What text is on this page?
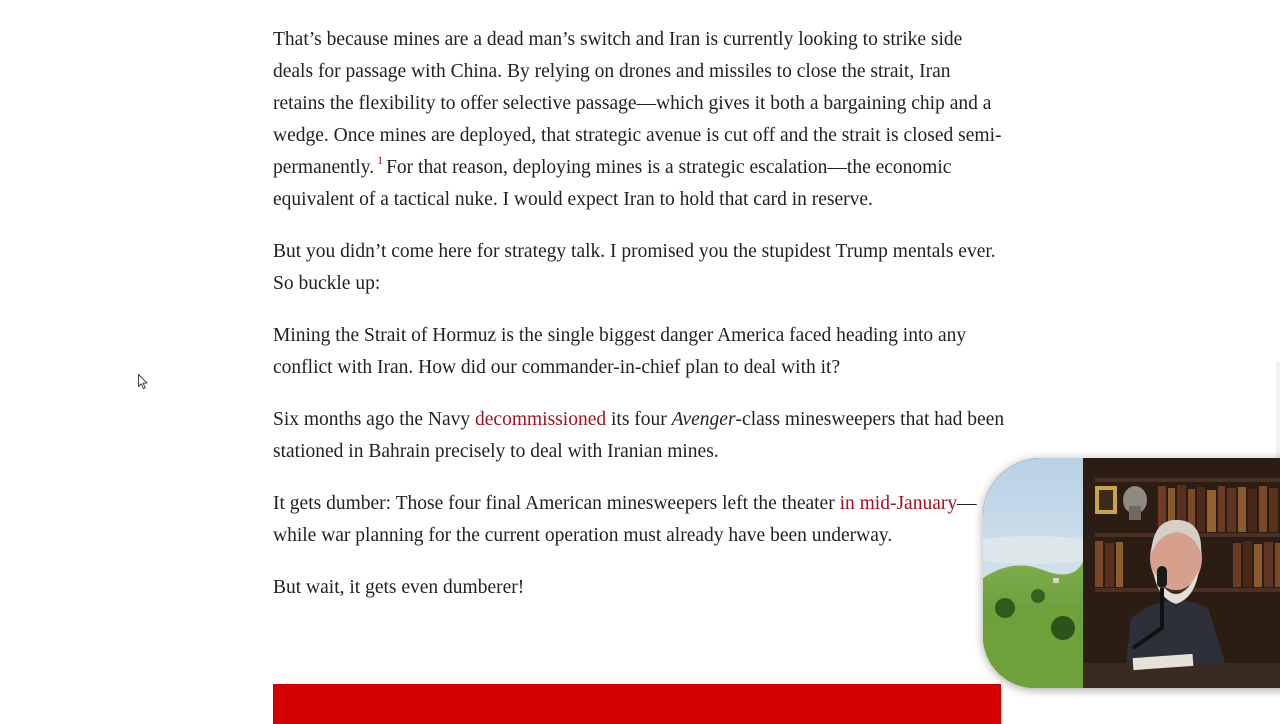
That’s because mines are a dead man’s switch and Iran is currently looking to strike side deals for passage with China. By relying on drones and missiles to close the strait, Iran retains the flexibility to offer selective passage—which gives it both a bargaining chip and a wedge. Once mines are deployed, that strategic avenue is cut off and the strait is closed semi-permanently. $^1$ For that reason, deploying mines is a strategic escalation—the economic equivalent of a tactical nuke. I would expect Iran to hold that card in reserve.

But you didn’t come here for strategy talk. I promised you the stupidest Trump mentals ever. So buckle up:

Mining the Strait of Hormuz is the single biggest danger America faced heading into any conflict with Iran. How did our commander-in-chief plan to deal with it?

Six months ago the Navy decommissioned its four Avenger-class minesweepers that had been stationed in Bahrain precisely to deal with Iranian mines.

It gets dumber: Those four final American minesweepers left the theater in mid-January—while war planning for the current operation must already have been underway.

But wait, it gets even dumberer!
